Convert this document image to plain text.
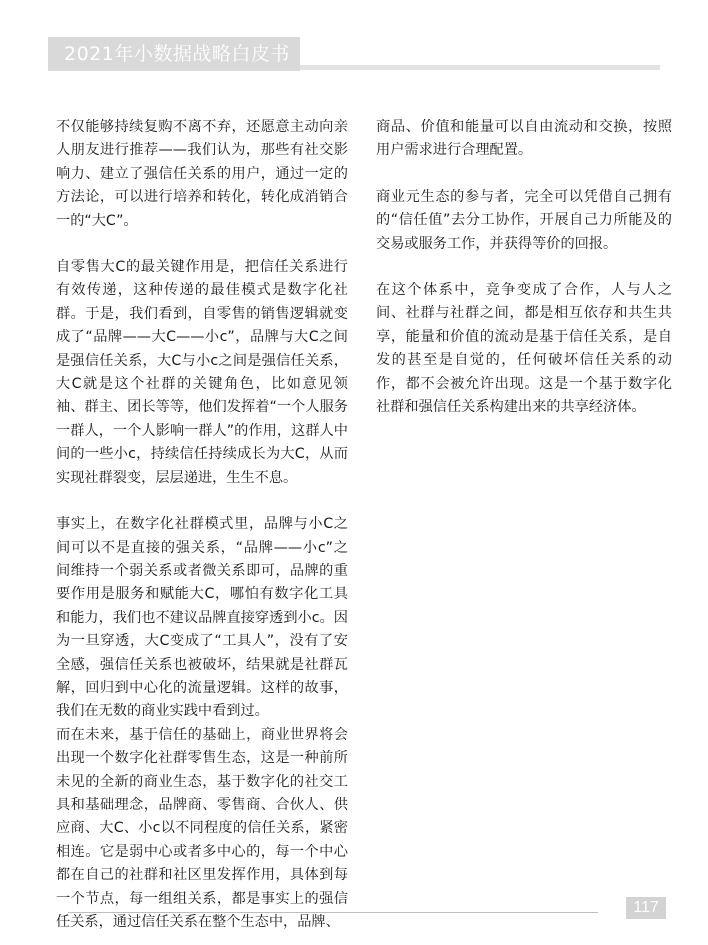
2021年小数据战略白皮书

不仅能够持续复购不离不弃，还愿意主动向亲人朋友进行推荐——我们认为，那些有社交影响力、建立了强信任关系的用户，通过一定的方法论，可以进行培养和转化，转化成消销合一的“大C”。

自零售大C的最关键作用是，把信任关系进行有效传递，这种传递的最佳模式是数字化社群。于是，我们看到，自零售的销售逻辑就变成了“品牌——大C——小c”，品牌与大C之间是强信任关系，大C与小c之间是强信任关系，大C就是这个社群的关键角色，比如意见领袖、群主、团长等等，他们发挥着“一个人服务一群人，一个人影响一群人”的作用，这群人中间的一些小c，持续信任持续成长为大C，从而实现社群裂变，层层递进，生生不息。

事实上，在数字化社群模式里，品牌与小C之间可以不是直接的强关系，“品牌——小c”之间维持一个弱关系或者微关系即可，品牌的重要作用是服务和赋能大C，哪怕有数字化工具和能力，我们也不建议品牌直接穿透到小c。因为一旦穿透，大C变成了“工具人”，没有了安全感，强信任关系也被破坏，结果就是社群瓦解，回归到中心化的流量逻辑。这样的故事，我们在无数的商业实践中看到过。

而在未来，基于信任的基础上，商业世界将会出现一个数字化社群零售生态，这是一种前所未见的全新的商业生态，基于数字化的社交工具和基础理念，品牌商、零售商、合伙人、供应商、大C、小c以不同程度的信任关系，紧密相连。它是弱中心或者多中心的，每一个中心都在自己的社群和社区里发挥作用，具体到每一个节点，每一组组关系，都是事实上的强信任关系，通过信任关系在整个生态中，品牌、

商品、价值和能量可以自由流动和交换，按照用户需求进行合理配置。

商业元生态的参与者，完全可以凭借自己拥有的“信任值”去分工协作，开展自己力所能及的交易或服务工作，并获得等价的回报。

在这个体系中，竞争变成了合作，人与人之间、社群与社群之间，都是相互依存和共生共享，能量和价值的流动是基于信任关系，是自发的甚至是自觉的，任何破坏信任关系的动作，都不会被允许出现。这是一个基于数字化社群和强信任关系构建出来的共享经济体。

117
